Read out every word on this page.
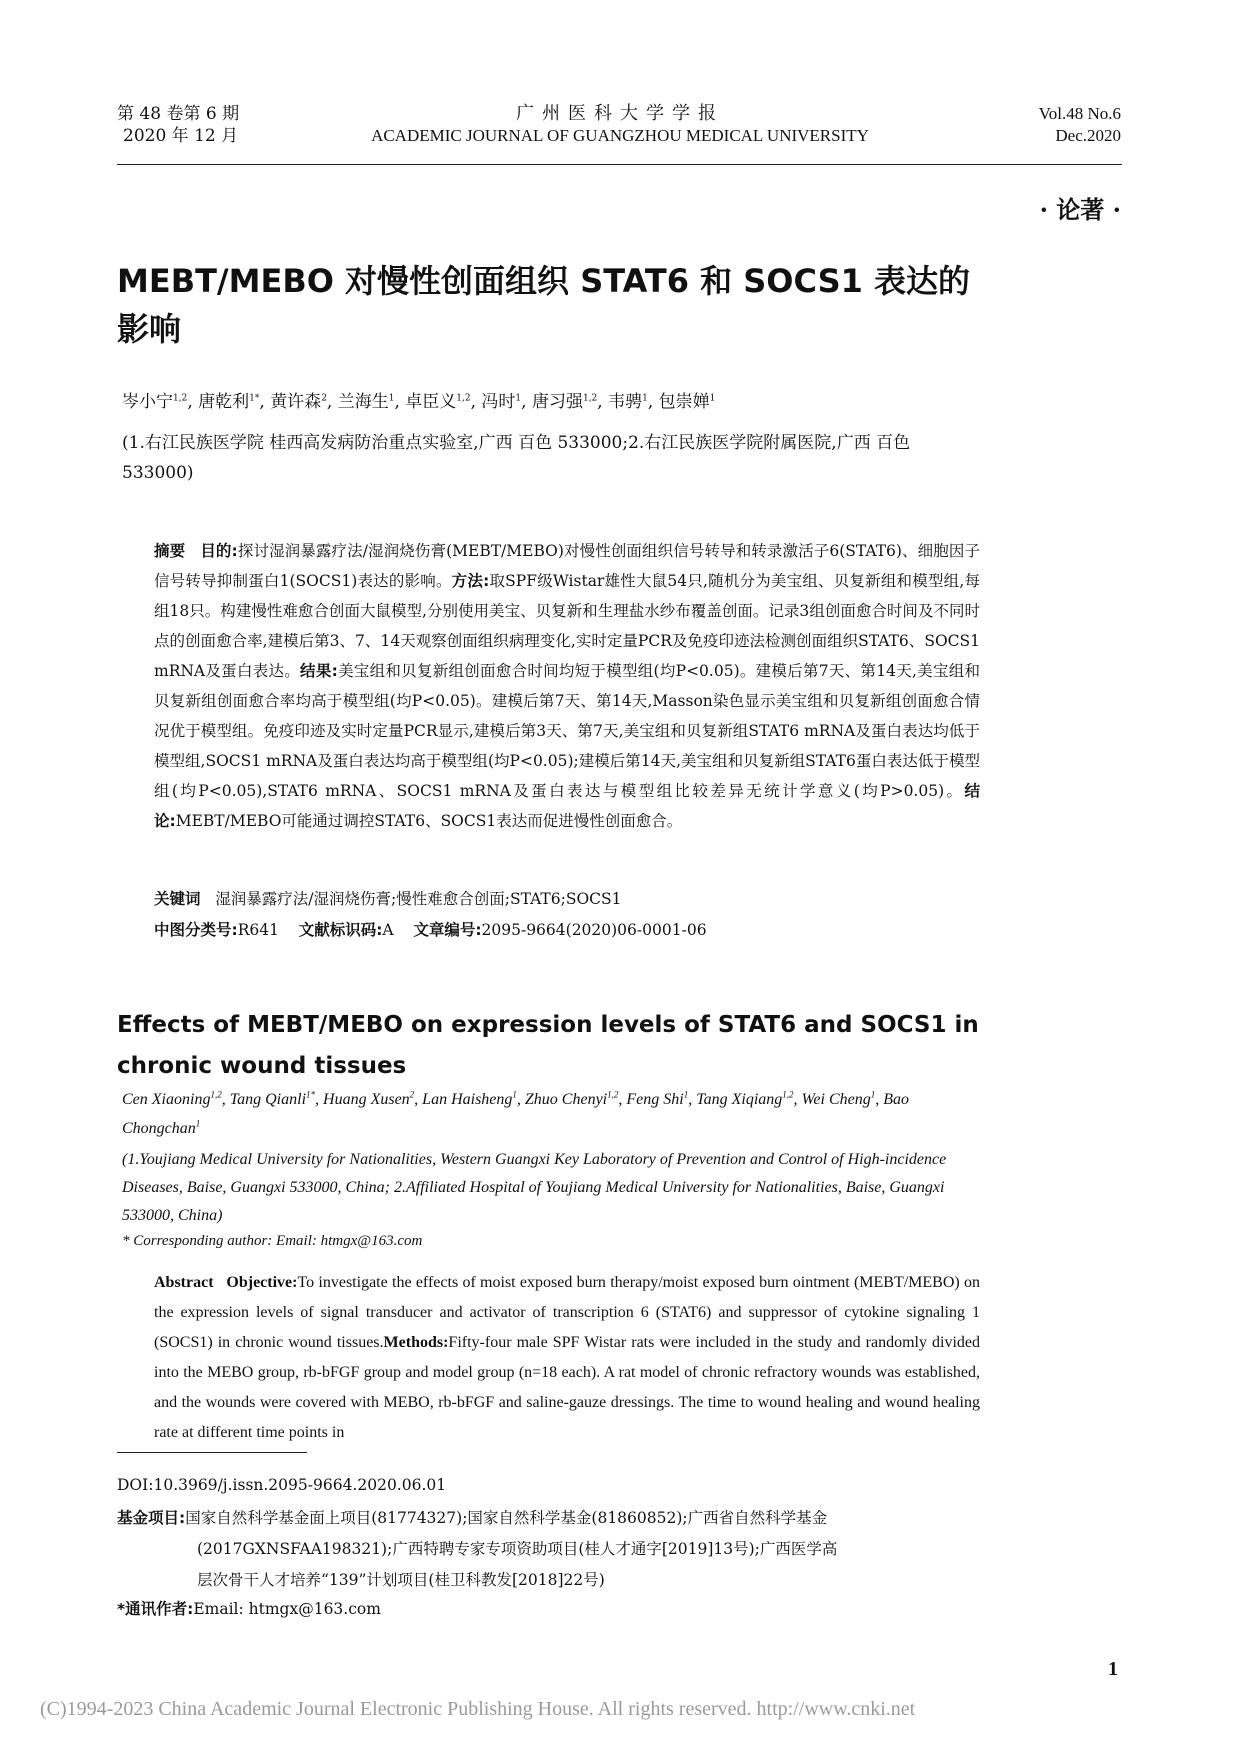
第 48 卷第 6 期
2020 年 12 月
广州医科大学学报
ACADEMIC JOURNAL OF GUANGZHOU MEDICAL UNIVERSITY
Vol.48 No.6
Dec.2020
· 论著 ·
MEBT/MEBO 对慢性创面组织 STAT6 和 SOCS1 表达的影响
岑小宁$^{1,2}$, 唐乾利$^{1*}$, 黄许森$^2$, 兰海生$^1$, 卓臣义$^{1,2}$, 冯时$^1$, 唐习强$^{1,2}$, 韦骋$^1$, 包崇婵$^1$
(1.右江民族医学院 桂西高发病防治重点实验室,广西 百色 533000;2.右江民族医学院附属医院,广西 百色 533000)
摘要 目的:探讨湿润暴露疗法/湿润烧伤膏(MEBT/MEBO)对慢性创面组织信号转导和转录激活子6(STAT6)、细胞因子信号转导抑制蛋白1(SOCS1)表达的影响。方法:取SPF级Wistar雄性大鼠54只,随机分为美宝组、贝复新组和模型组,每组18只。构建慢性难愈合创面大鼠模型,分别使用美宝、贝复新和生理盐水纱布覆盖创面。记录3组创面愈合时间及不同时点的创面愈合率,建模后第3、7、14天观察创面组织病理变化,实时定量PCR及免疫印迹法检测创面组织STAT6、SOCS1 mRNA及蛋白表达。结果:美宝组和贝复新组创面愈合时间均短于模型组(均P<0.05)。建模后第7天、第14天,美宝组和贝复新组创面愈合率均高于模型组(均P<0.05)。建模后第7天、第14天,Masson染色显示美宝组和贝复新组创面愈合情况优于模型组。免疫印迹及实时定量PCR显示,建模后第3天、第7天,美宝组和贝复新组STAT6 mRNA及蛋白表达均低于模型组,SOCS1 mRNA及蛋白表达均高于模型组(均P<0.05);建模后第14天,美宝组和贝复新组STAT6蛋白表达低于模型组(均P<0.05),STAT6 mRNA、SOCS1 mRNA及蛋白表达与模型组比较差异无统计学意义(均P>0.05)。结论:MEBT/MEBO可能通过调控STAT6、SOCS1表达而促进慢性创面愈合。
关键词 湿润暴露疗法/湿润烧伤膏;慢性难愈合创面;STAT6;SOCS1
中图分类号:R641 文献标识码:A 文章编号:2095-9664(2020)06-0001-06
Effects of MEBT/MEBO on expression levels of STAT6 and SOCS1 in chronic wound tissues
Cen Xiaoning$^{1,2}$, Tang Qianli$^{1*}$, Huang Xusen$^2$, Lan Haisheng$^1$, Zhuo Chenyi$^{1,2}$, Feng Shi$^1$, Tang Xiqiang$^{1,2}$, Wei Cheng$^1$, Bao Chongchan$^1$
(1.Youjiang Medical University for Nationalities, Western Guangxi Key Laboratory of Prevention and Control of High-incidence Diseases, Baise, Guangxi 533000, China; 2.Affiliated Hospital of Youjiang Medical University for Nationalities, Baise, Guangxi 533000, China)
* Corresponding author: Email: htmgx@163.com
Abstract Objective:To investigate the effects of moist exposed burn therapy/moist exposed burn ointment (MEBT/MEBO) on the expression levels of signal transducer and activator of transcription 6 (STAT6) and suppressor of cytokine signaling 1 (SOCS1) in chronic wound tissues.Methods:Fifty-four male SPF Wistar rats were included in the study and randomly divided into the MEBO group, rb-bFGF group and model group (n=18 each). A rat model of chronic refractory wounds was established, and the wounds were covered with MEBO, rb-bFGF and saline-gauze dressings. The time to wound healing and wound healing rate at different time points in
DOI:10.3969/j.issn.2095-9664.2020.06.01
基金项目:国家自然科学基金面上项目(81774327);国家自然科学基金(81860852);广西省自然科学基金
(2017GXNSFAA198321);广西特聘专家专项资助项目(桂人才通字[2019]13号);广西医学高
层次骨干人才培养“139”计划项目(桂卫科教发[2018]22号)
*通讯作者:Email: htmgx@163.com
1
(C)1994-2023 China Academic Journal Electronic Publishing House. All rights reserved. http://www.cnki.net
